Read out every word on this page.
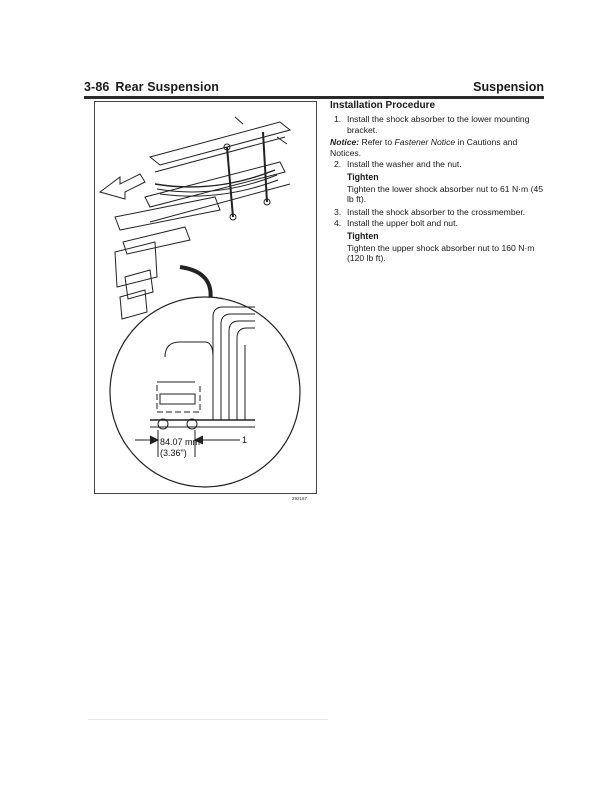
3-86 Rear Suspension	Suspension
84.07 mm
(3.36")
1
292187
Installation Procedure
1. Install the shock absorber to the lower mounting bracket.
Notice: Refer to Fastener Notice in Cautions and Notices.
2. Install the washer and the nut.
Tighten
Tighten the lower shock absorber nut to 61 N·m (45 lb ft).
3. Install the shock absorber to the crossmember.
4. Install the upper bolt and nut.
Tighten
Tighten the upper shock absorber nut to 160 N·m (120 lb ft).
